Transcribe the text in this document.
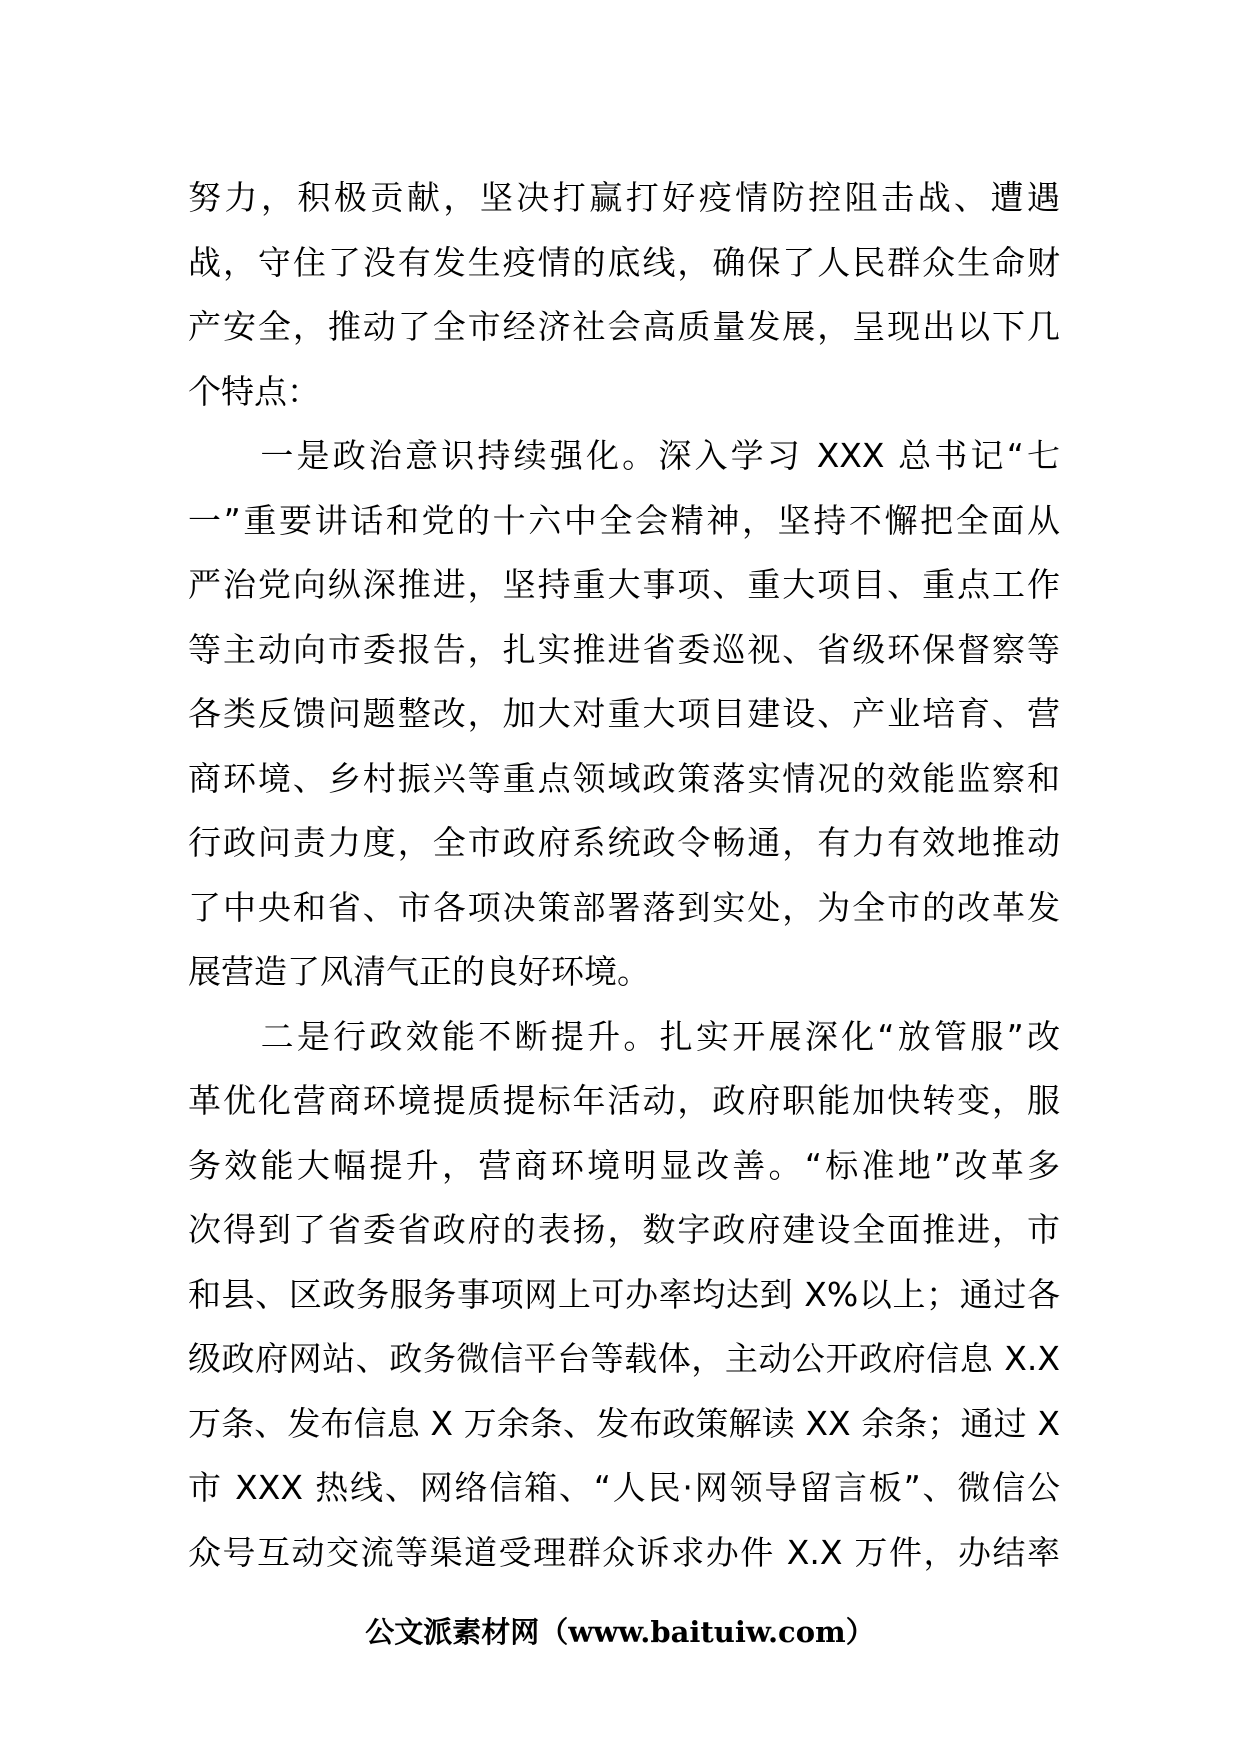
努力，积极贡献，坚决打赢打好疫情防控阻击战、遭遇
战，守住了没有发生疫情的底线，确保了人民群众生命财
产安全，推动了全市经济社会高质量发展，呈现出以下几
个特点：
　　一是政治意识持续强化。深入学习 XXX 总书记“七
一”重要讲话和党的十六中全会精神，坚持不懈把全面从
严治党向纵深推进，坚持重大事项、重大项目、重点工作
等主动向市委报告，扎实推进省委巡视、省级环保督察等
各类反馈问题整改，加大对重大项目建设、产业培育、营
商环境、乡村振兴等重点领域政策落实情况的效能监察和
行政问责力度，全市政府系统政令畅通，有力有效地推动
了中央和省、市各项决策部署落到实处，为全市的改革发
展营造了风清气正的良好环境。
　　二是行政效能不断提升。扎实开展深化“放管服”改
革优化营商环境提质提标年活动，政府职能加快转变，服
务效能大幅提升，营商环境明显改善。“标准地”改革多
次得到了省委省政府的表扬，数字政府建设全面推进，市
和县、区政务服务事项网上可办率均达到 X%以上；通过各
级政府网站、政务微信平台等载体，主动公开政府信息 X.X
万条、发布信息 X 万余条、发布政策解读 XX 余条；通过 X
市 XXX 热线、网络信箱、“人民·网领导留言板”、微信公
众号互动交流等渠道受理群众诉求办件 X.X 万件，办结率
公文派素材网（www.baituiw.com）
